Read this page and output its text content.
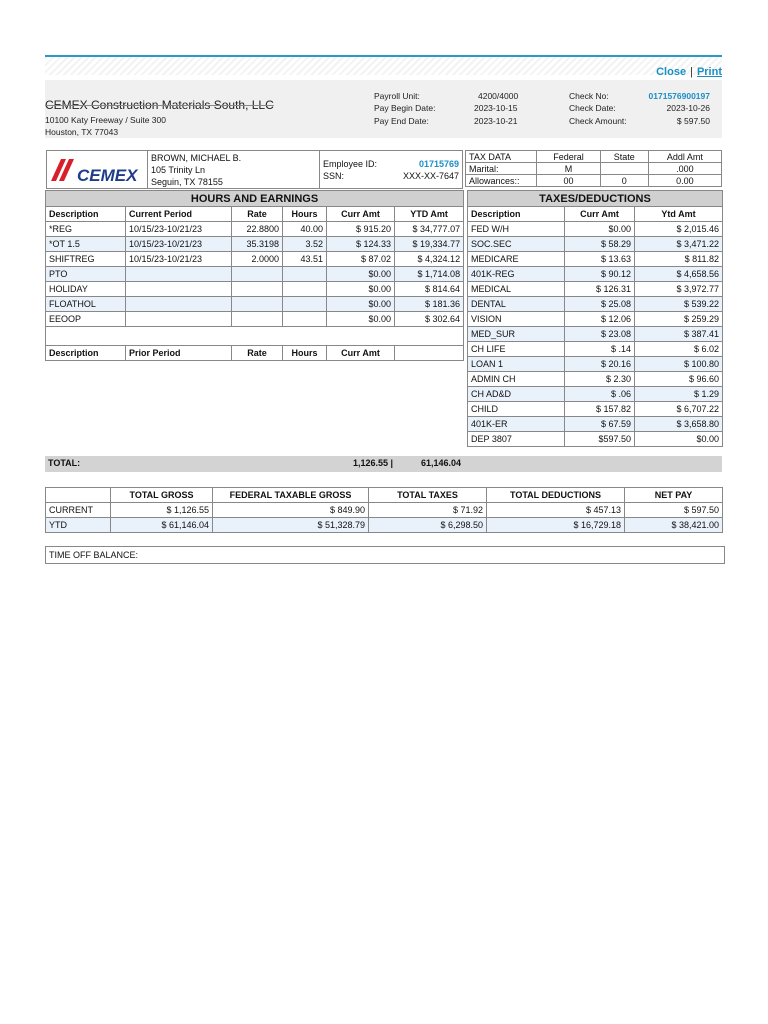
Close | Print
CEMEX Construction Materials South, LLC
10100 Katy Freeway / Suite 300
Houston, TX 77043
Payroll Unit:	4200/4000
Pay Begin Date:	2023-10-15
Pay End Date:	2023-10-21
Check No:	0171576900197
Check Date:	2023-10-26
Check Amount:	$ 597.50
CEMEX
BROWN, MICHAEL B.
105 Trinity Ln
Seguin, TX 78155

Employee ID:	01715769
SSN:	XXX-XX-7647
TAX DATA	Federal	State	Addl Amt
Marital:	M		.000
Allowances::	00	0	0.00
HOURS AND EARNINGS					
Description	Current Period	Rate	Hours	Curr Amt	YTD Amt
*REG	10/15/23-10/21/23	22.8800	40.00	$ 915.20	$ 34,777.07
*OT 1.5	10/15/23-10/21/23	35.3198	3.52	$ 124.33	$ 19,334.77
SHIFTREG	10/15/23-10/21/23	2.0000	43.51	$ 87.02	$ 4,324.12
PTO				$0.00	$ 1,714.08
HOLIDAY				$0.00	$ 814.64
FLOATHOL				$0.00	$ 181.36
EEOOP				$0.00	$ 302.64

Description	Prior Period	Rate	Hours	Curr Amt	
TAXES/DEDUCTIONS		
Description	Curr Amt	Ytd Amt
FED W/H	$0.00	$ 2,015.46
SOC.SEC	$ 58.29	$ 3,471.22
MEDICARE	$ 13.63	$ 811.82
401K-REG	$ 90.12	$ 4,658.56
MEDICAL	$ 126.31	$ 3,972.77
DENTAL	$ 25.08	$ 539.22
VISION	$ 12.06	$ 259.29
MED_SUR	$ 23.08	$ 387.41
CH LIFE	$ .14	$ 6.02
LOAN 1	$ 20.16	$ 100.80
ADMIN CH	$ 2.30	$ 96.60
CH AD&D	$ .06	$ 1.29
CHILD	$ 157.82	$ 6,707.22
401K-ER	$ 67.59	$ 3,658.80
DEP 3807	$597.50	$0.00
TOTAL:	1,126.55 |	61,146.04
	TOTAL GROSS	FEDERAL TAXABLE GROSS	TOTAL TAXES	TOTAL DEDUCTIONS	NET PAY
CURRENT	$ 1,126.55	$ 849.90	$ 71.92	$ 457.13	$ 597.50
YTD	$ 61,146.04	$ 51,328.79	$ 6,298.50	$ 16,729.18	$ 38,421.00
TIME OFF BALANCE:
